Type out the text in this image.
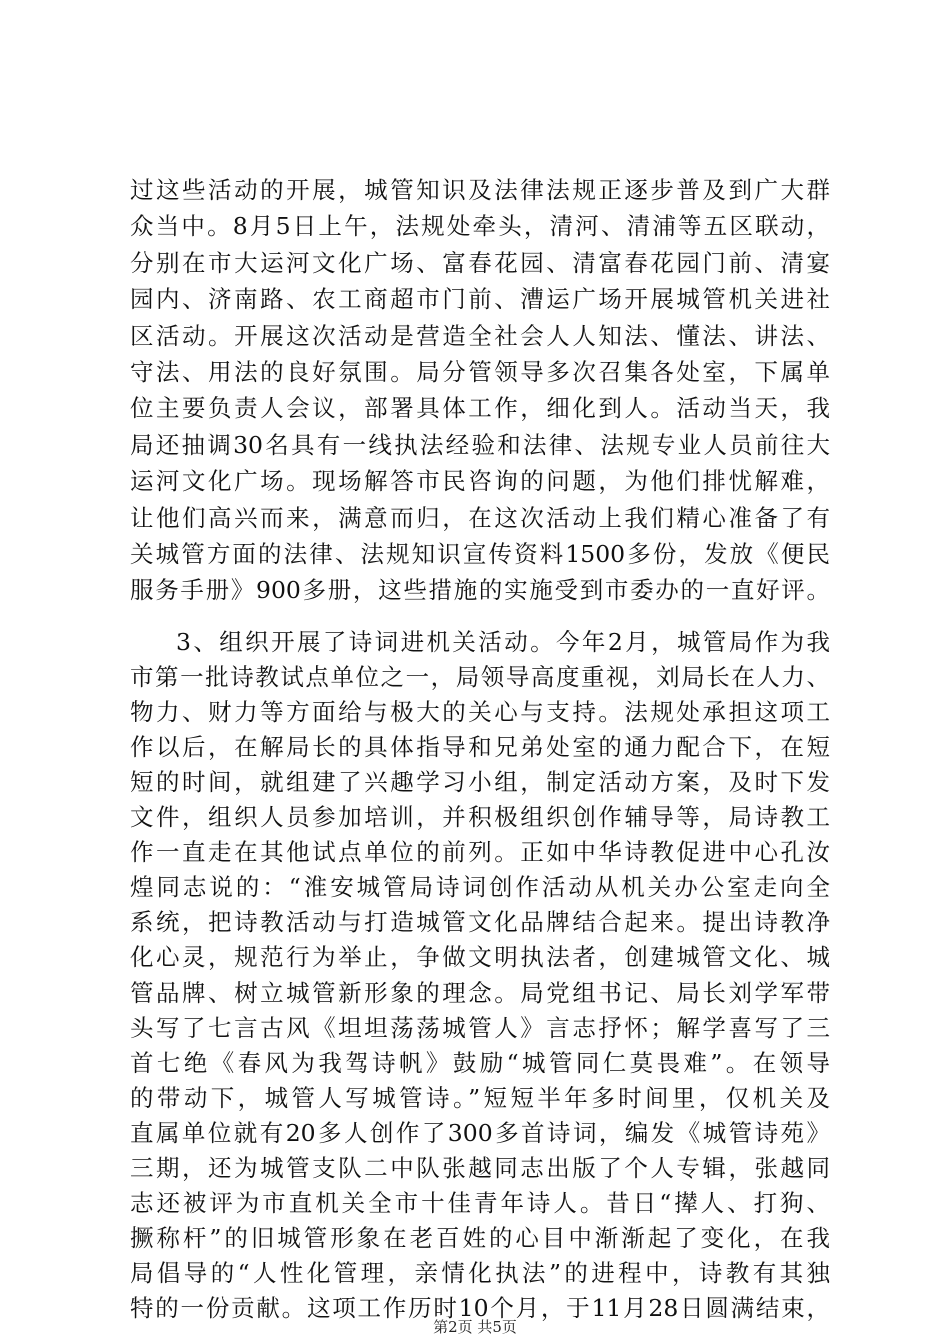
过这些活动的开展，城管知识及法律法规正逐步普及到广大群
众当中。8月5日上午，法规处牵头，清河、清浦等五区联动，
分别在市大运河文化广场、富春花园、清富春花园门前、清宴
园内、济南路、农工商超市门前、漕运广场开展城管机关进社
区活动。开展这次活动是营造全社会人人知法、懂法、讲法、
守法、用法的良好氛围。局分管领导多次召集各处室，下属单
位主要负责人会议，部署具体工作，细化到人。活动当天，我
局还抽调30名具有一线执法经验和法律、法规专业人员前往大
运河文化广场。现场解答市民咨询的问题，为他们排忧解难，
让他们高兴而来，满意而归，在这次活动上我们精心准备了有
关城管方面的法律、法规知识宣传资料1500多份，发放《便民
服务手册》900多册，这些措施的实施受到市委办的一直好评。
3、组织开展了诗词进机关活动。今年2月，城管局作为我
市第一批诗教试点单位之一，局领导高度重视，刘局长在人力、
物力、财力等方面给与极大的关心与支持。法规处承担这项工
作以后，在解局长的具体指导和兄弟处室的通力配合下，在短
短的时间，就组建了兴趣学习小组，制定活动方案，及时下发
文件，组织人员参加培训，并积极组织创作辅导等，局诗教工
作一直走在其他试点单位的前列。正如中华诗教促进中心孔汝
煌同志说的：“淮安城管局诗词创作活动从机关办公室走向全
系统，把诗教活动与打造城管文化品牌结合起来。提出诗教净
化心灵，规范行为举止，争做文明执法者，创建城管文化、城
管品牌、树立城管新形象的理念。局党组书记、局长刘学军带
头写了七言古风《坦坦荡荡城管人》言志抒怀；解学喜写了三
首七绝《春风为我驾诗帆》鼓励“城管同仁莫畏难”。在领导
的带动下，城管人写城管诗。”短短半年多时间里，仅机关及
直属单位就有20多人创作了300多首诗词，编发《城管诗苑》
三期，还为城管支队二中队张越同志出版了个人专辑，张越同
志还被评为市直机关全市十佳青年诗人。昔日“撵人、打狗、
撅称杆”的旧城管形象在老百姓的心目中渐渐起了变化，在我
局倡导的“人性化管理，亲情化执法”的进程中，诗教有其独
特的一份贡献。这项工作历时10个月，于11月28日圆满结束，
第2页 共5页
